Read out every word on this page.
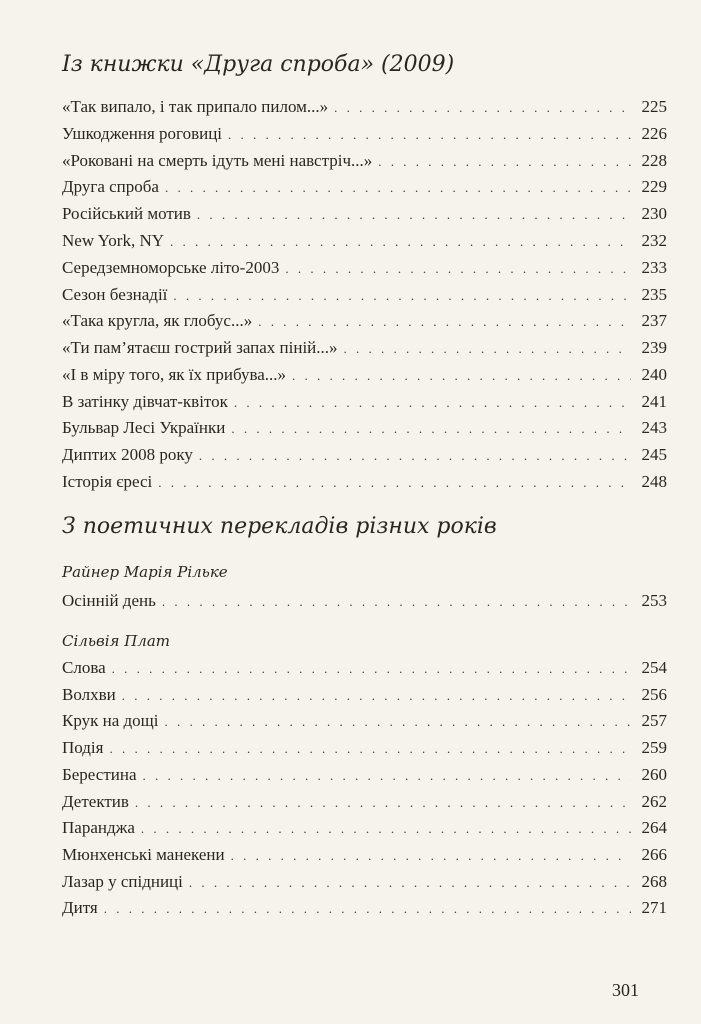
Із книжки «Друга спроба» (2009)
«Так випало, і так припало пилом...» . . .	225
Ушкодження роговиці . . .	226
«Роковані на смерть ідуть мені навстріч...» . . .	228
Друга спроба . . .	229
Російський мотив . . .	230
New York, NY . . .	232
Середземноморське літо-2003 . . .	233
Сезон безнадії . . .	235
«Така кругла, як глобус...» . . .	237
«Ти пам’ятаєш гострий запах піній...» . . .	239
«І в міру того, як їх прибува...» . . .	240
В затінку дівчат-квіток . . .	241
Бульвар Лесі Українки . . .	243
Диптих 2008 року . . .	245
Історія єресі . . .	248
З поетичних перекладів різних років
Райнер Марія Рільке
Осінній день . . .	253
Сільвія Плат
Слова . . .	254
Волхви . . .	256
Крук на дощі . . .	257
Подія . . .	259
Берестина . . .	260
Детектив . . .	262
Паранджа . . .	264
Мюнхенські манекени . . .	266
Лазар у спідниці . . .	268
Дитя . . .	271
301
